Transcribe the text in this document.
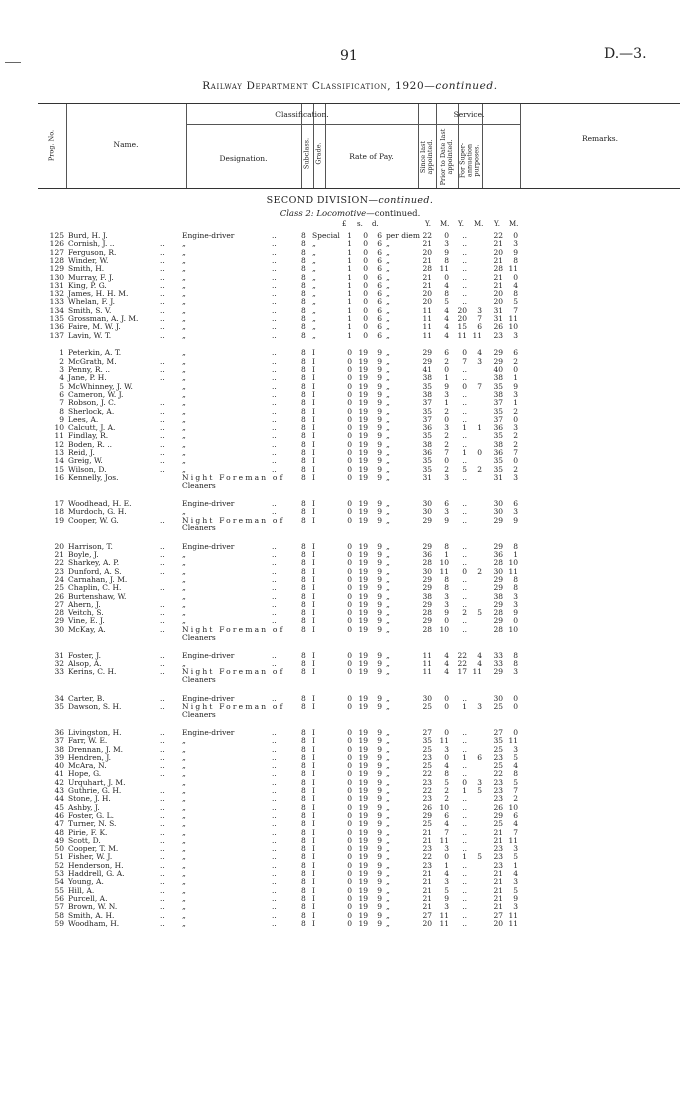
91	D.—3.
Railway Department Classification, 1920—continued.
Prog. No.	Name.
Classification.
Designation.	Subclass. Grade.	Rate of Pay.
Service.
Since last appointed. Prior to Date last appointed. For Super- annuation purposes.
Remarks.
SECOND DIVISION—continued.
Class 2: Locomotive—continued.
£ s. d.	Y. M. Y. M. Y. M.
125 Burd, H. J.	Engine-driver	..	8 Special 1	0	6 per diem 22	0	..	22	0
126 Cornish, J. ..	.. „	..	8 „	1	0	6 „	21	3	..	21	3
127 Ferguson, R.	.. „	..	8 „	1	0	6 „	20	9	..	20	9
128 Winder, W.	.. „	..	8 „	1	0	6 „	21	8	..	21	8
129 Smith, H.	.. „	..	8 „	1	0	6 „	28 11	..	28 11
130 Murray, F. J.	.. „	..	8 „	1	0	6 „	21	0	..	21	0
131 King, P. G.	.. „	..	8 „	1	0	6 „	21	4	..	21	4
132 James, H. H. M.	.. „	..	8 „	1	0	6 „	20	8	..	20	8
133 Whelan, F. J.	.. „	..	8 „	1	0	6 „	20	5	..	20	5
134 Smith, S. V.	.. „	..	8 „	1	0	6 „	11	4	20	3	31	7
135 Grossman, A. J. M.	.. „	..	8 „	1	0	6 „	11	4	20	7	31 11
136 Faire, M. W. J.	.. „	..	8 „	1	0	6 „	11	4	15	6	26 10
137 Lavin, W. T.	.. „	..	8 „	1	0	6 „	11	4	11 11	23	3
1 Peterkin, A. T.	„	..	8 I	0 19	9 „	29	6	0	4	29	6
2 McGrath, M.	.. „	..	8 I	0 19	9 „	29	2	7	3	29	2
3 Penny, R. ..	.. „	..	8 I	0 19	9 „	41	0	..	40	0
4 Jane, P. H.	.. „	..	8 I	0 19	9 „	38	1	..	38	1
5 McWhinney, J. W.	„	..	8 I	0 19	9 „	35	9	0	7	35	9
6 Cameron, W. J.	„	..	8 I	0 19	9 „	38	3	..	38	3
7 Robson, J. C.	.. „	..	8 I	0 19	9 „	37	1	..	37	1
8 Sherlock, A.	.. „	..	8 I	0 19	9 „	35	2	..	35	2
9 Lees, A.	.. „	..	8 I	0 19	9 „	37	0	..	37	0
10 Calcutt, J. A.	.. „	..	8 I	0 19	9 „	36	3	1	1	36	3
11 Findlay, R.	.. „	..	8 I	0 19	9 „	35	2	..	35	2
12 Boden, R. ..	.. „	..	8 I	0 19	9 „	38	2	..	38	2
13 Reid, J.	.. „	..	8 I	0 19	9 „	36	7	1	0	36	7
14 Greig, W.	.. „	..	8 I	0 19	9 „	35	0	..	35	0
15 Wilson, D.	.. „	..	8 I	0 19	9 „	35	2	5	2	35	2
16 Kennelly, Jos.	Night Foreman of 8 I	0 19	9 „	31	3	..	31	3
Cleaners
17 Woodhead, H. E.	Engine-driver	..	8 I	0 19	9 „	30	6	..	30	6
18 Murdoch, G. H.	„	..	8 I	0 19	9 „	30	3	..	30	3
19 Cooper, W. G.	.. Night Foreman of 8 I	0 19	9 „	29	9	..	29	9
Cleaners
20 Harrison, T.	.. Engine-driver	..	8 I	0 19	9 „	29	8	..	29	8
21 Boyle, J.	.. „	..	8 I	0 19	9 „	36	1	..	36	1
22 Sharkey, A. P.	.. „	..	8 I	0 19	9 „	28 10	..	28 10
23 Dunford, A. S.	.. „	..	8 I	0 19	9 „	30 11	0	2	30 11
24 Carnahan, J. M.	„	..	8 I	0 19	9 „	29	8	..	29	8
25 Chaplin, C. H.	.. „	..	8 I	0 19	9 „	29	8	..	29	8
26 Burtenshaw, W.	„	..	8 I	0 19	9 „	38	3	..	38	3
27 Ahern, J.	.. „	..	8 I	0 19	9 „	29	3	..	29	3
28 Veitch, S.	.. „	..	8 I	0 19	9 „	28	9	2	5	28	9
29 Vine, E. J.	.. „	..	8 I	0 19	9 „	29	0	..	29	0
30 McKay, A.	.. Night Foreman of 8 I	0 19	9 „	28 10	..	28 10
Cleaners
31 Foster, J.	.. Engine-driver	..	8 I	0 19	9 „	11	4	22	4	33	8
32 Alsop, A.	.. „	..	8 I	0 19	9 „	11	4	22	4	33	8
33 Kerins, C. H.	.. Night Foreman of 8 I	0 19	9 „	11	4	17 11	29	3
Cleaners
34 Carter, B.	.. Engine-driver	..	8 I	0 19	9 „	30	0	..	30	0
35 Dawson, S. H.	.. Night Foreman of 8 I	0 19	9 „	25	0	1	3	25	0
Cleaners
36 Livingston, H.	.. Engine-driver	..	8 I	0 19	9 „	27	0	..	27	0
37 Farr, W. E.	.. „	..	8 I	0 19	9 „	35 11	..	35 11
38 Drennan, J. M.	.. „	..	8 I	0 19	9 „	25	3	..	25	3
39 Hendren, J.	.. „	..	8 I	0 19	9 „	23	0	1	6	23	5
40 McAra, N.	.. „	..	8 I	0 19	9 „	25	4	..	25	4
41 Hope, G.	.. „	..	8 I	0 19	9 „	22	8	..	22	8
42 Urquhart, J. M.	„	..	8 I	0 19	9 „	23	5	0	3	23	5
43 Guthrie, G. H.	.. „	..	8 I	0 19	9 „	22	2	1	5	23	7
44 Stone, J. H.	.. „	..	8 I	0 19	9 „	23	2	..	23	2
45 Ashby, J.	.. „	..	8 I	0 19	9 „	26 10	..	26 10
46 Foster, G. L.	.. „	..	8 I	0 19	9 „	29	6	..	29	6
47 Turner, N. S.	.. „	..	8 I	0 19	9 „	25	4	..	25	4
48 Pirie, F. K.	.. „	..	8 I	0 19	9 „	21	7	..	21	7
49 Scott, D.	.. „	..	8 I	0 19	9 „	21 11	..	21 11
50 Cooper, T. M.	.. „	..	8 I	0 19	9 „	23	3	..	23	3
51 Fisher, W. J.	.. „	..	8 I	0 19	9 „	22	0	1	5	23	5
52 Henderson, H.	.. „	..	8 I	0 19	9 „	23	1	..	23	1
53 Haddrell, G. A.	.. „	..	8 I	0 19	9 „	21	4	..	21	4
54 Young, A.	.. „	..	8 I	0 19	9 „	21	3	..	21	3
55 Hill, A.	.. „	..	8 I	0 19	9 „	21	5	..	21	5
56 Purcell, A.	.. „	..	8 I	0 19	9 „	21	9	..	21	9
57 Brown, W. N.	.. „	..	8 I	0 19	9 „	21	3	..	21	3
58 Smith, A. H.	.. „	..	8 I	0 19	9 „	27 11	..	27 11
59 Woodham, H.	.. „	..	8 I	0 19	9 „	20 11	..	20 11
